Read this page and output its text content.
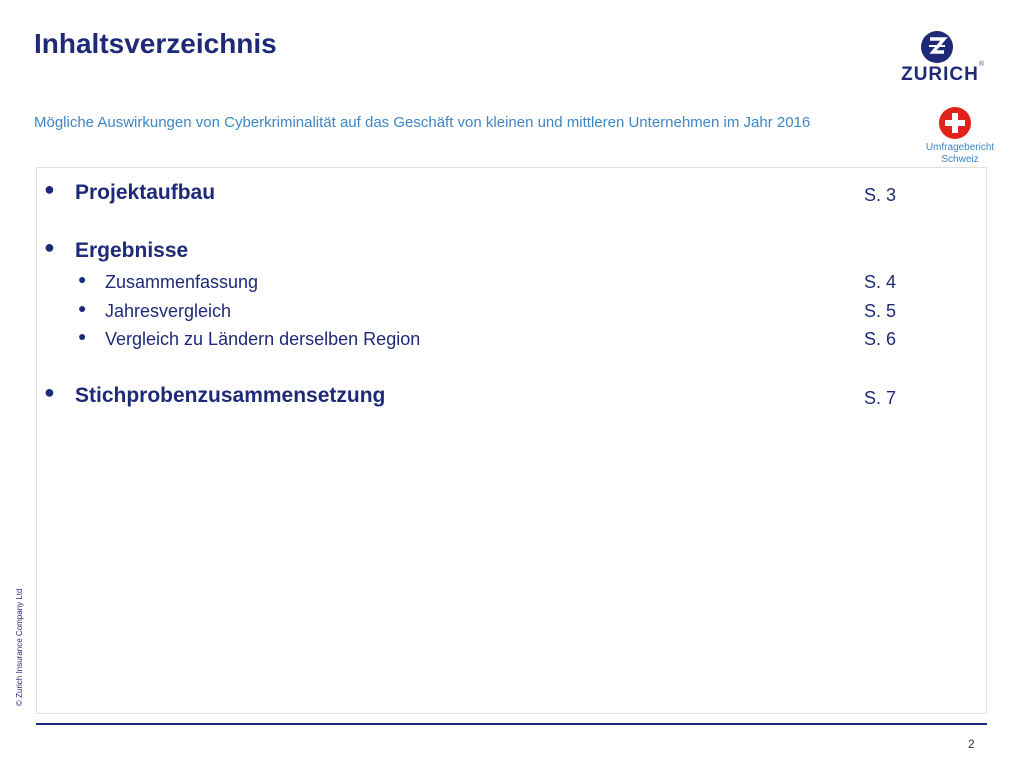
Inhaltsverzeichnis
Mögliche Auswirkungen von Cyberkriminalität auf das Geschäft von kleinen und mittleren Unternehmen im Jahr 2016
ZURICH ®
Umfragebericht
Schweiz
● Projektaufbau	S. 3
● Ergebnisse
● Zusammenfassung	S. 4
● Jahresvergleich	S. 5
● Vergleich zu Ländern derselben Region	S. 6
● Stichprobenzusammensetzung	S. 7
© Zurich Insurance Company Ltd
2
